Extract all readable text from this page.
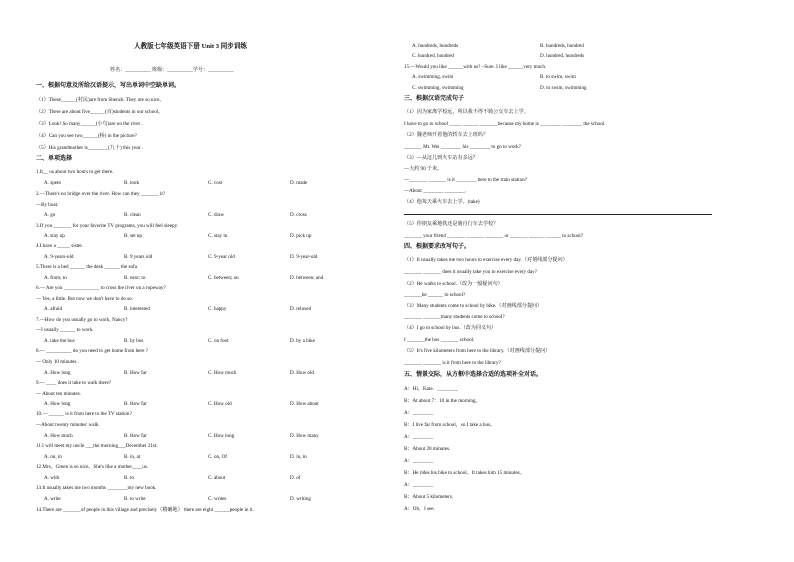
人教版七年级英语下册 Unit 3 同步训练
姓名：__________ 班级：__________学号：__________
一、根据句意及所给汉语提示，写出单词中空缺单词。
（1）These______(村民)are from Shenzh. They are so nice。
（2）There are about five______(百)students in our school。
（3）Look! So many______(小鸟)are on the river .
（4）Can you see two______(桥) in the picture?
（5）His grandmother is________(九十) this year .
二、单项选择
1.It__ us about two hours to get there.
A. spent	B. took	C. cost	D. made
2.—There's no bridge over the river. How can they _______ it?
—By boat.
A. go	B. clean	C. draw	D. cross
3.If you _______ for your favorite TV programs, you will feel sleepy.
A. stay up	B. set up	C. stay in	D. pick up
4.I have a _____ sister.
A. 9-years-old	B. 9 years old	C. 9-year old	D. 9-year-old
5.There is a bed ______ the desk ______ the sofa
A. from; to	B. next; to	C. between; on	D. between; and
6.— Are you ______________ to cross the river on a ropeway?
— Yes, a little. But now we don't have to do so.
A. afraid	B. interested	C. happy	D. relaxed
7.—How do you usually go to work, Nancy?
—I usually ______ to work.
A. take the bus	B. by bus	C. on foot	D. by a bike
8.— __________ do you need to get home from here ?
— Only 10 minutes .
A. How long	B. How far	C. How much	D. How old
9.— ____ does it take to walk there?
— About ten minutes.
A. How long	B. How far	C. How old	D. How about
10.— ______ is it from here to the TV station?
—About twenty minutes' walk.
A. How much	B. How far	C. How long	D. How many
11.I will meet my uncle ___the morning___December 21st.
A. on, in	B. in, at	C. on, Of	D. in, in
12.Mrs。Green is so nice。She's like a mother____us.
A. with	B. to	C. about	D. of
13.It usually takes me two months ________my new book.
A. write	B. to write	C. writes	D. writing
14.There are _______of people in this village and precisely（精确地） there are eight ______people in it.
A. hundreds, hundreds	B. hundreds, hundred
C. hundred, hundred	D. hundred, hundreds
15.—Would you like ______with us? –Sure. I like ______very much.
A. swimming, swim	B. to swim, swim
C. swimming, swimming	D. to swim, swimming
三、根据汉语完成句子
（1）因为家离学校远，所以我不得不骑公交车去上学。
I have to go to school _____ ______ _______because my home is ________ ________ the school.
（2）魏老师开着他的轿车去上班吗？
_______ Mr. Wei ________ his ________ to go to work?
（3）—从这儿到火车站有多远？
—大约 90 千米。
—_______ _______ is it ________ here to the train station?
—About ________ ________.
（4）他每天乘火车去上学。(take)
（5）你朋友乘地铁还是骑自行车去学校？
_______ your friend _______ _______ _______ or _______ ______ ______ to school?
四、根据要求改写句子。
（1）It usually takes me two hours to exercise every day.（对划线部分提问）
_______ _______ does it usually take you to exercise every day?
（2）He walks to school.（改为一般疑问句）
_______he ______ to school?
（3）Many students come to school by bike.（对画线部分提问）
_______ _______many students come to school?
（4）I go to school by bus.（改为同义句）
I _______the bus _______ school.
（5）It's five kilometers from here to the library.（对画线部分提问）
_______ _______ is it from here to the library?
五、情景交际，从方框中选择合适的选项补全对话。
A：Hi，Kate．________
B：At about 7：10 in the morning。
A：________
B：I live far from school，so I take a bus。
A：________
B：About 20 minutes．
A：________
B：He rides his bike to school。It takes him 15 minutes。
A：________
B：About 5 kilometers．
A：Oh，I see．
